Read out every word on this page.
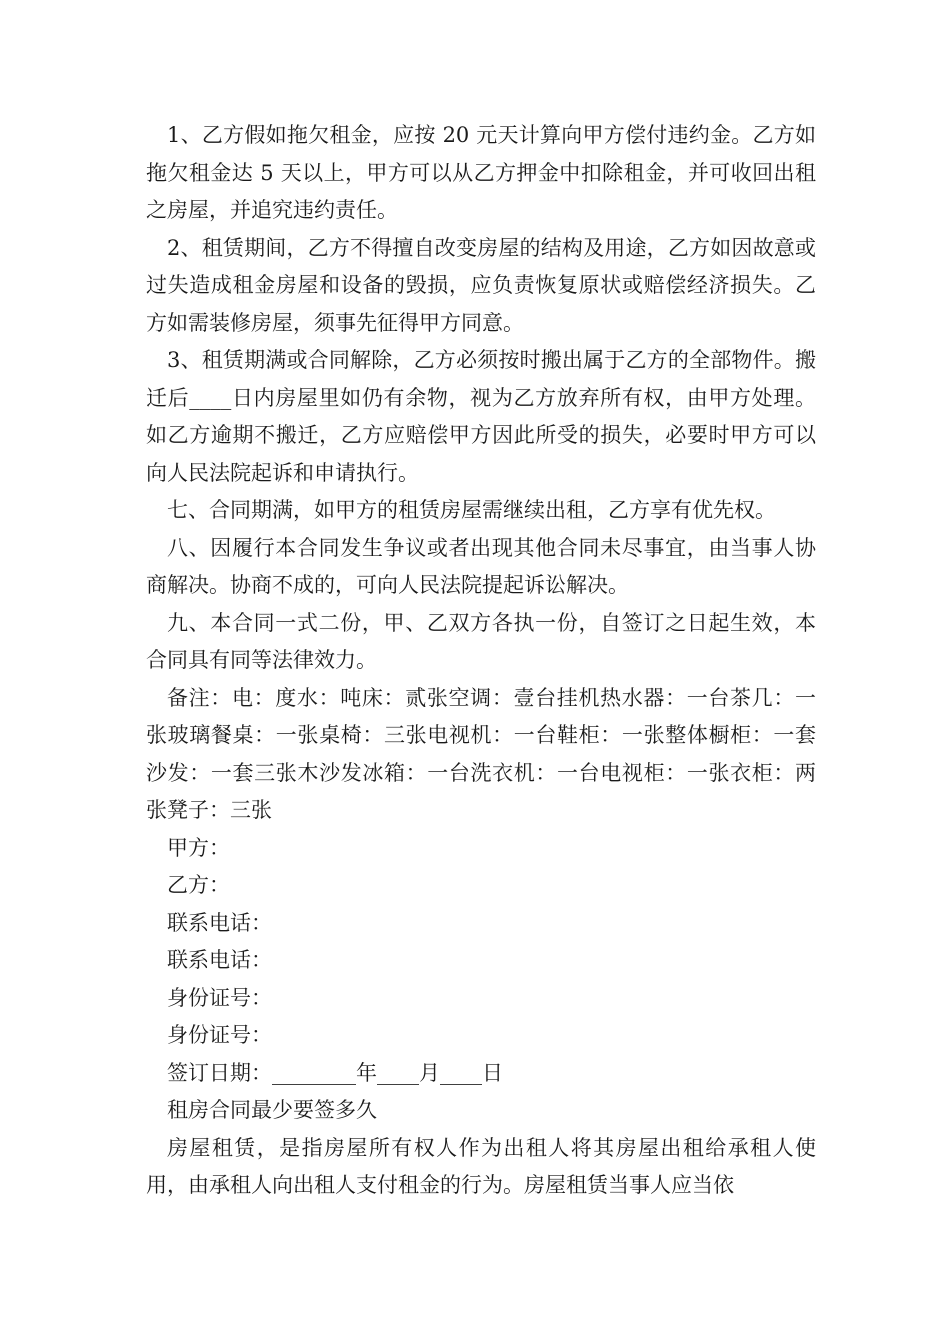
1、乙方假如拖欠租金，应按 20 元天计算向甲方偿付违约金。乙方如拖欠租金达 5 天以上，甲方可以从乙方押金中扣除租金，并可收回出租之房屋，并追究违约责任。

2、租赁期间，乙方不得擅自改变房屋的结构及用途，乙方如因故意或过失造成租金房屋和设备的毁损，应负责恢复原状或赔偿经济损失。乙方如需装修房屋，须事先征得甲方同意。

3、租赁期满或合同解除，乙方必须按时搬出属于乙方的全部物件。搬迁后____日内房屋里如仍有余物，视为乙方放弃所有权，由甲方处理。如乙方逾期不搬迁，乙方应赔偿甲方因此所受的损失，必要时甲方可以向人民法院起诉和申请执行。

七、合同期满，如甲方的租赁房屋需继续出租，乙方享有优先权。

八、因履行本合同发生争议或者出现其他合同未尽事宜，由当事人协商解决。协商不成的，可向人民法院提起诉讼解决。

九、本合同一式二份，甲、乙双方各执一份，自签订之日起生效，本合同具有同等法律效力。

备注：电：度水：吨床：贰张空调：壹台挂机热水器：一台茶几：一张玻璃餐桌：一张桌椅：三张电视机：一台鞋柜：一张整体橱柜：一套沙发：一套三张木沙发冰箱：一台洗衣机：一台电视柜：一张衣柜：两张凳子：三张

甲方：

乙方：

联系电话：

联系电话：

身份证号：

身份证号：

签订日期：________年____月____日

租房合同最少要签多久

房屋租赁，是指房屋所有权人作为出租人将其房屋出租给承租人使用，由承租人向出租人支付租金的行为。房屋租赁当事人应当依
